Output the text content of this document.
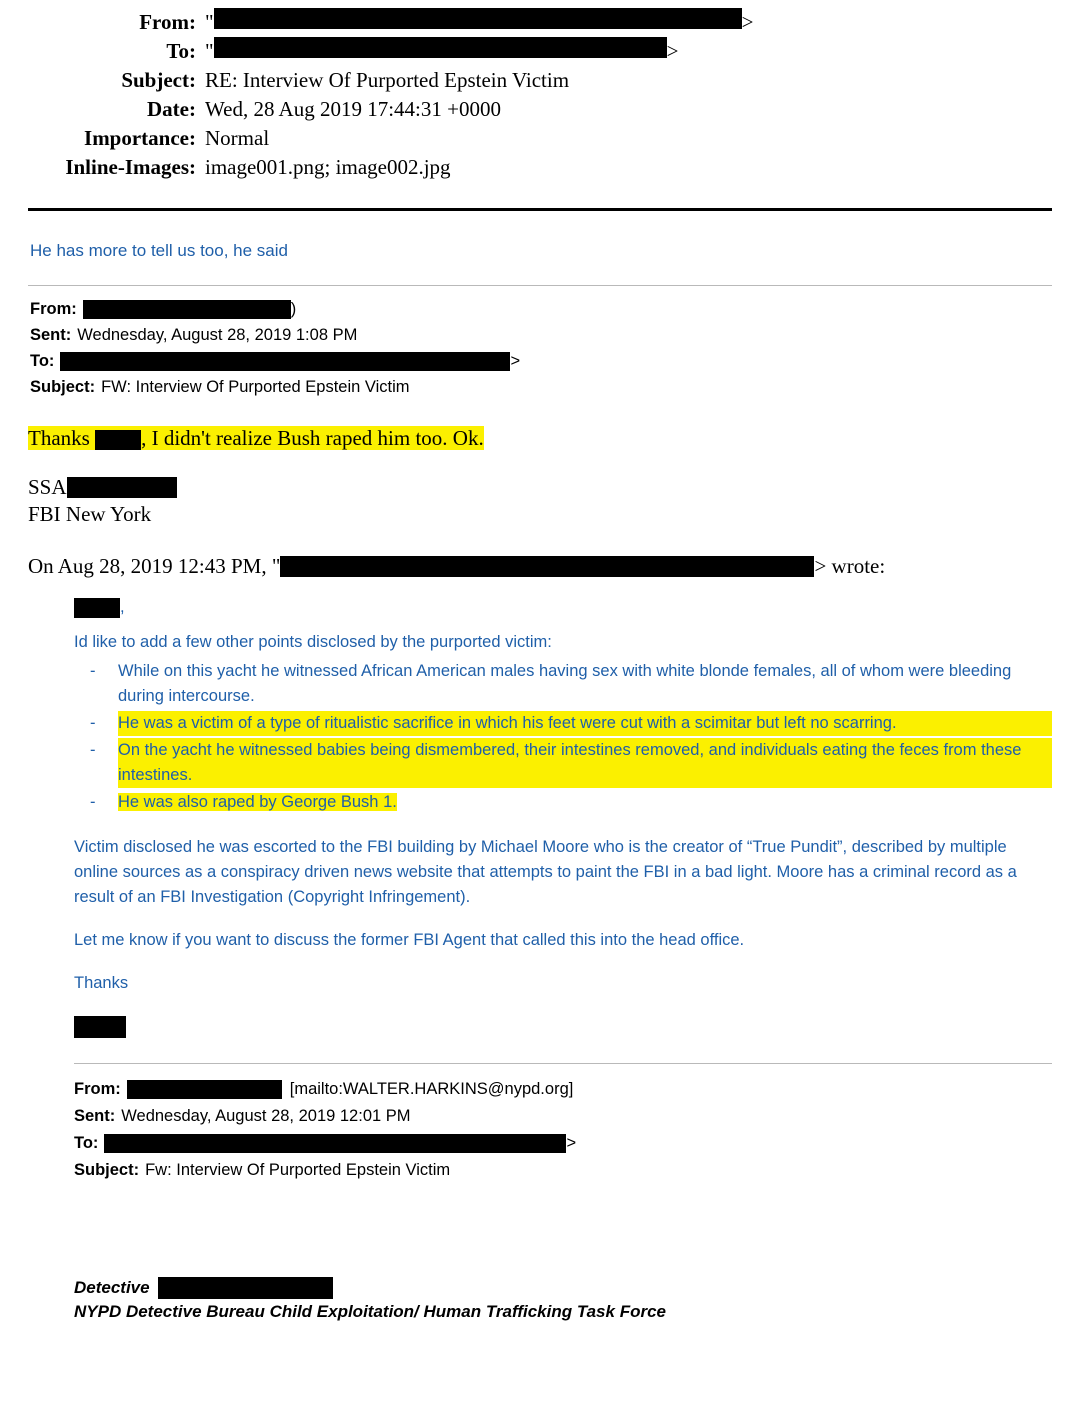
From: "	>
To: "	>
Subject: RE: Interview Of Purported Epstein Victim
Date: Wed, 28 Aug 2019 17:44:31 +0000
Importance: Normal
Inline-Images: image001.png; image002.jpg
He has more to tell us too, he said
From:	)
Sent: Wednesday, August 28, 2019 1:08 PM
To:	>
Subject: FW: Interview Of Purported Epstein Victim
Thanks , I didn't realize Bush raped him too. Ok.
SSA
FBI New York
On Aug 28, 2019 12:43 PM, "	> wrote:
,
Id like to add a few other points disclosed by the purported victim:
-	While on this yacht he witnessed African American males having sex with white blonde females, all of whom were bleeding during intercourse.
-	He was a victim of a type of ritualistic sacrifice in which his feet were cut with a scimitar but left no scarring.
-	On the yacht he witnessed babies being dismembered, their intestines removed, and individuals eating the feces from these intestines.
-	He was also raped by George Bush 1.

Victim disclosed he was escorted to the FBI building by Michael Moore who is the creator of “True Pundit”, described by multiple online sources as a conspiracy driven news website that attempts to paint the FBI in a bad light. Moore has a criminal record as a result of an FBI Investigation (Copyright Infringement).

Let me know if you want to discuss the former FBI Agent that called this into the head office.

Thanks

From:	[mailto:WALTER.HARKINS@nypd.org]
Sent: Wednesday, August 28, 2019 12:01 PM
To:	>
Subject: Fw: Interview Of Purported Epstein Victim
Detective
NYPD Detective Bureau Child Exploitation/ Human Trafficking Task Force
